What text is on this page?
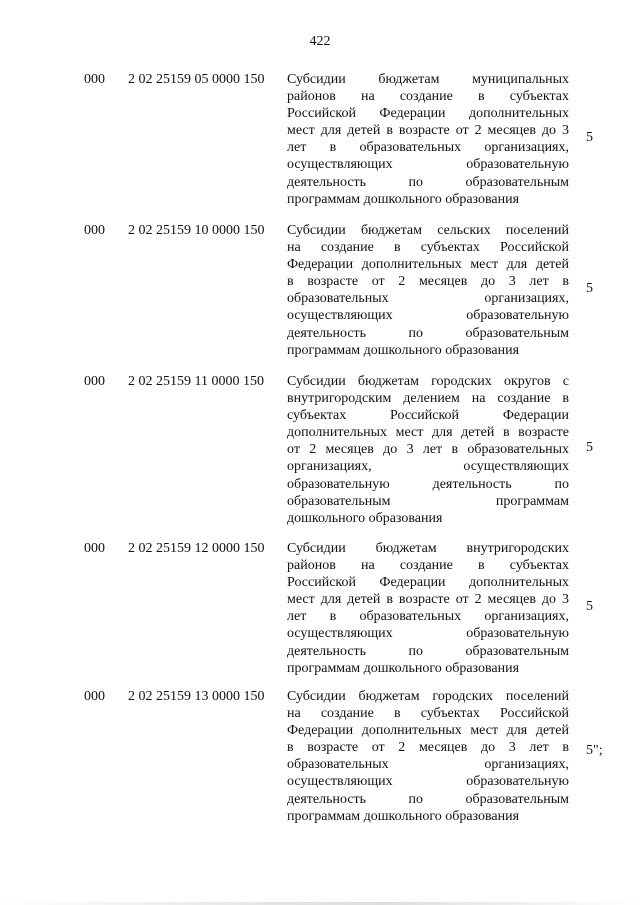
422
000 2 02 25159 05 0000 150 Субсидии бюджетам муниципальных
районов на создание в субъектах
Российской Федерации дополнительных
мест для детей в возрасте от 2 месяцев до 3
лет в образовательных организациях,
осуществляющих образовательную
деятельность по образовательным
программам дошкольного образования
5
000 2 02 25159 10 0000 150 Субсидии бюджетам сельских поселений
на создание в субъектах Российской
Федерации дополнительных мест для детей
в возрасте от 2 месяцев до 3 лет в
образовательных организациях,
осуществляющих образовательную
деятельность по образовательным
программам дошкольного образования
5
000 2 02 25159 11 0000 150 Субсидии бюджетам городских округов с
внутригородским делением на создание в
субъектах Российской Федерации
дополнительных мест для детей в возрасте
от 2 месяцев до 3 лет в образовательных
организациях, осуществляющих
образовательную деятельность по
образовательным программам
дошкольного образования
5
000 2 02 25159 12 0000 150 Субсидии бюджетам внутригородских
районов на создание в субъектах
Российской Федерации дополнительных
мест для детей в возрасте от 2 месяцев до 3
лет в образовательных организациях,
осуществляющих образовательную
деятельность по образовательным
программам дошкольного образования
5
000 2 02 25159 13 0000 150 Субсидии бюджетам городских поселений
на создание в субъектах Российской
Федерации дополнительных мест для детей
в возрасте от 2 месяцев до 3 лет в
образовательных организациях,
осуществляющих образовательную
деятельность по образовательным
программам дошкольного образования
5";
